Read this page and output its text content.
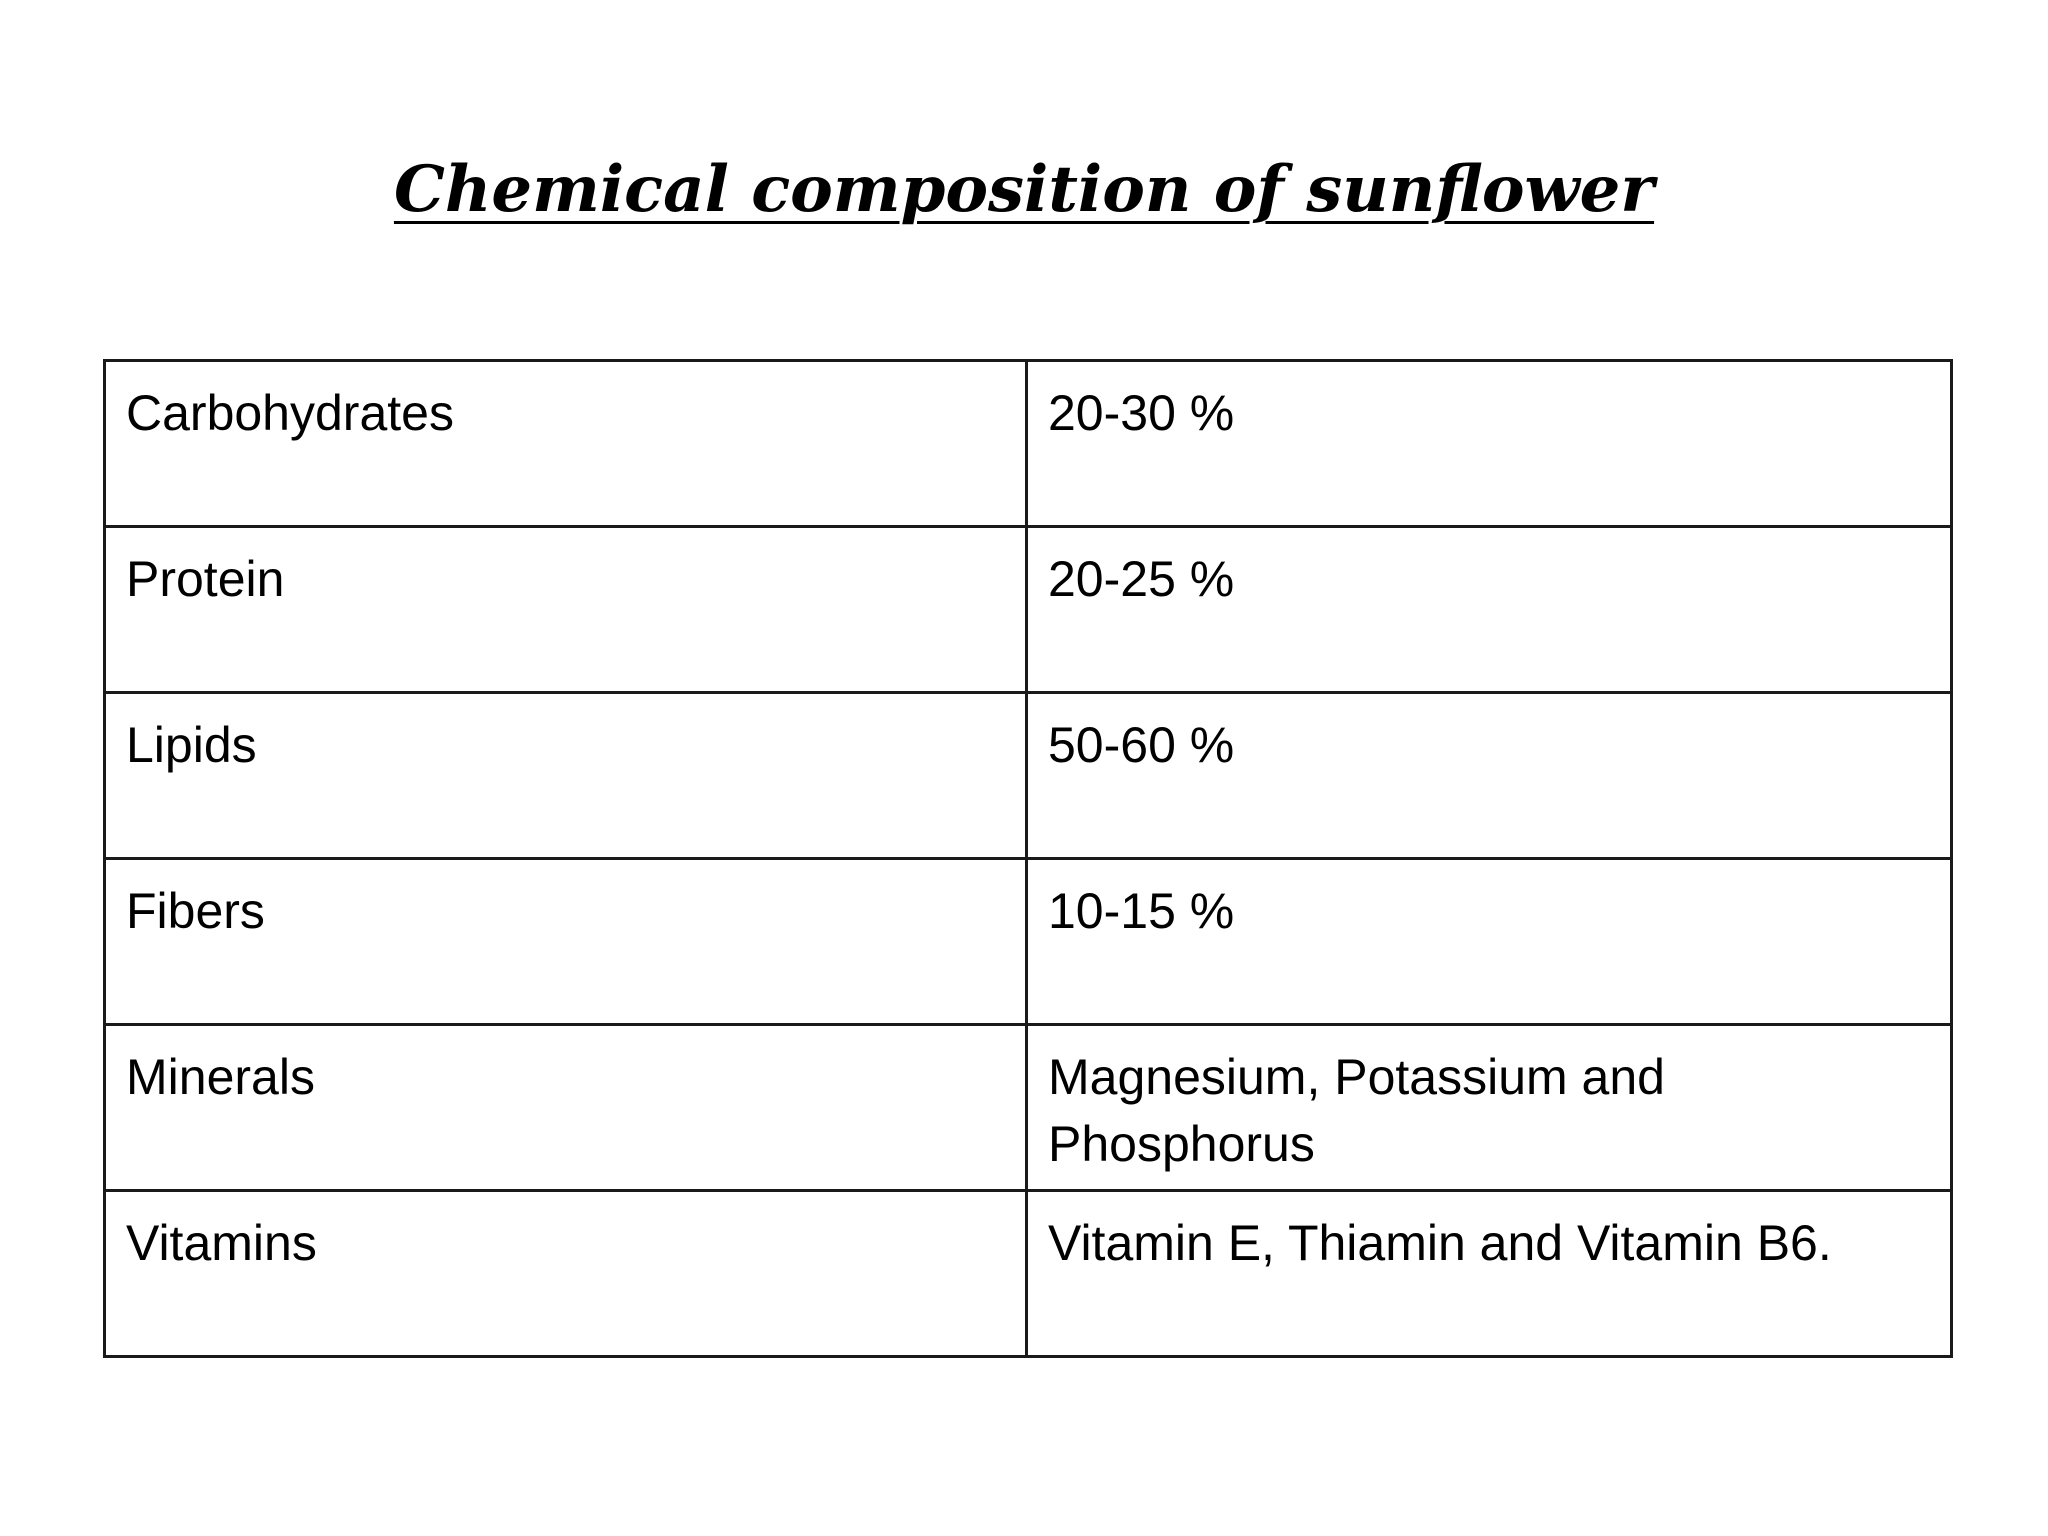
Chemical composition of sunflower
Carbohydrates	20-30 %
Protein	20-25 %
Lipids	50-60 %
Fibers	10-15 %
Minerals	Magnesium, Potassium and Phosphorus
Vitamins	Vitamin E, Thiamin and Vitamin B6.
